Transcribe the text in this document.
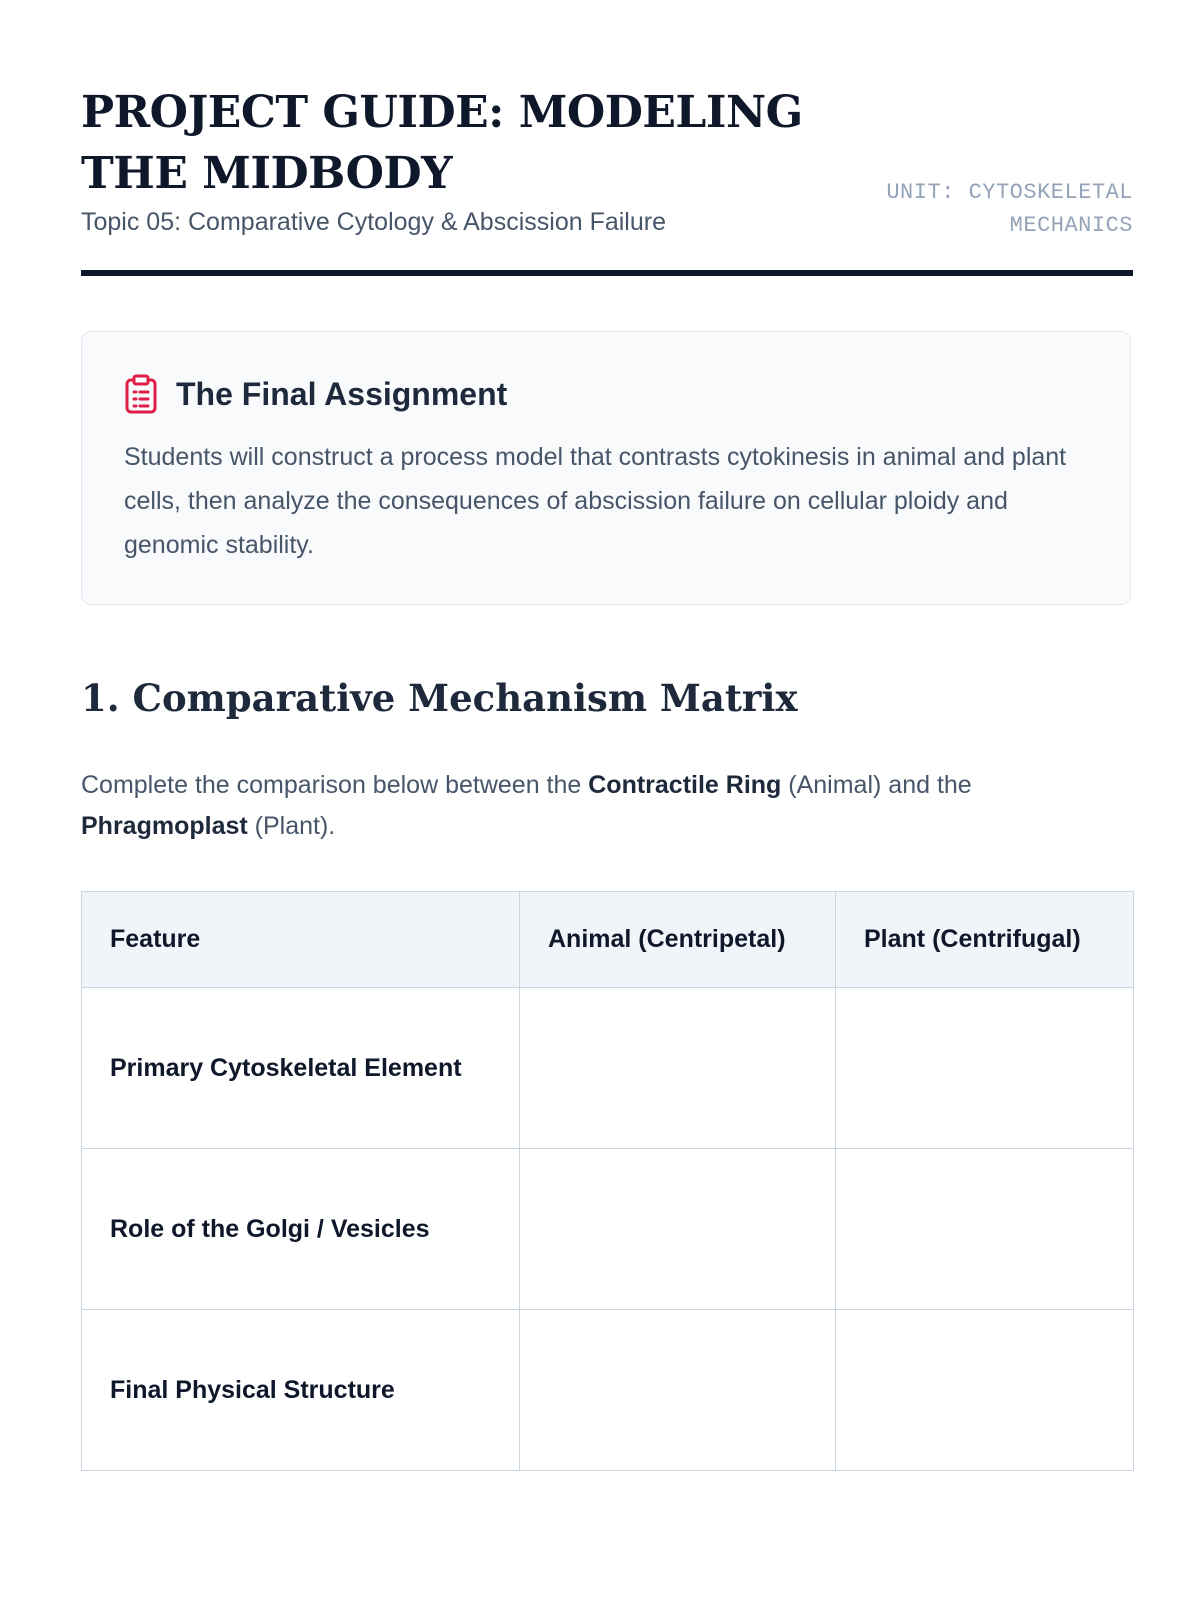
PROJECT GUIDE: MODELING THE MIDBODY
Topic 05: Comparative Cytology & Abscission Failure
UNIT: CYTOSKELETAL
MECHANICS
The Final Assignment

Students will construct a process model that contrasts cytokinesis in animal and plant cells, then analyze the consequences of abscission failure on cellular ploidy and genomic stability.

1. Comparative Mechanism Matrix

Complete the comparison below between the Contractile Ring (Animal) and the Phragmoplast (Plant).

Feature	Animal (Centripetal)	Plant (Centrifugal)
Primary Cytoskeletal Element		
Role of the Golgi / Vesicles		
Final Physical Structure		
